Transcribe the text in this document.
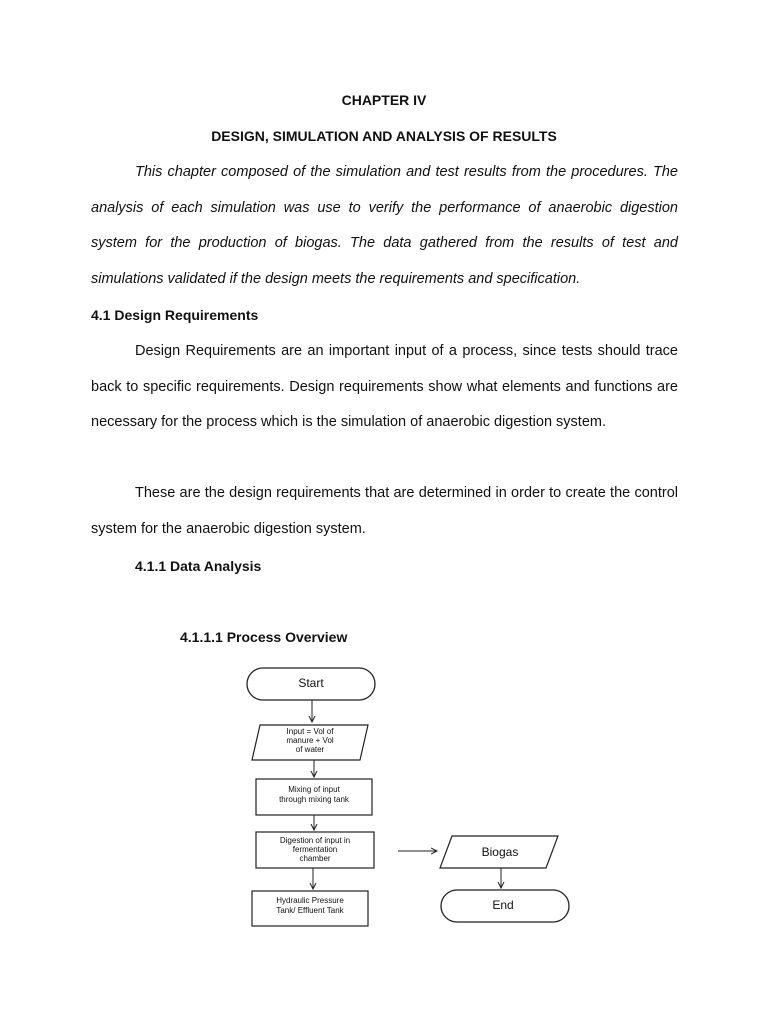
CHAPTER IV
DESIGN, SIMULATION AND ANALYSIS OF RESULTS

This chapter composed of the simulation and test results from the procedures. The analysis of each simulation was use to verify the performance of anaerobic digestion system for the production of biogas. The data gathered from the results of test and simulations validated if the design meets the requirements and specification.

4.1 Design Requirements

Design Requirements are an important input of a process, since tests should trace back to specific requirements. Design requirements show what elements and functions are necessary for the process which is the simulation of anaerobic digestion system.

These are the design requirements that are determined in order to create the control system for the anaerobic digestion system.

4.1.1 Data Analysis
4.1.1.1 Process Overview
Start
Input = Vol of
manure + Vol
of water
Mixing of input
through mixing tank
Digestion of input in
fermentation
chamber
Hydraulic Pressure
Tank/ Effluent Tank
Biogas
End
